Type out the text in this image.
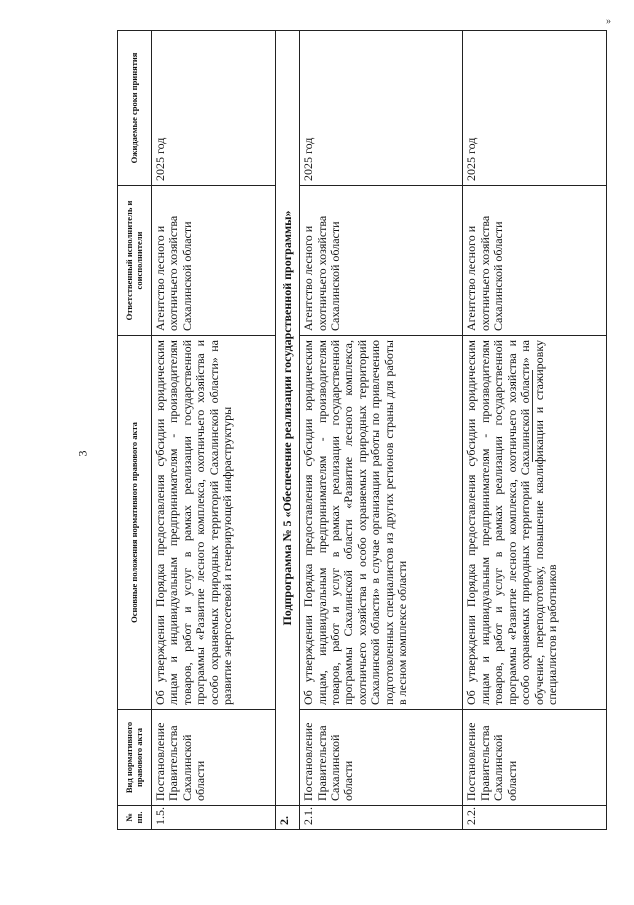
3
»
№ пп.	Вид нормативного правового акта	Основные положения нормативного правового акта	Ответственный исполнитель и соисполнители	Ожидаемые сроки принятия
1.5.	Постановление Правительства Сахалинской области	Об утверждении Порядка предоставления субсидии юридическим лицам и индивидуальным предпринимателям - производителям товаров, работ и услуг в рамках реализации государственной программы «Развитие лесного комплекса, охотничьего хозяйства и особо охраняемых природных территорий Сахалинской области» на развитие энергосетевой и генерирующей инфраструктуры	Агентство лесного и охотничьего хозяйства Сахалинской области	2025 год
2.	Подпрограмма № 5 «Обеспечение реализации государственной программы»			
2.1.	Постановление Правительства Сахалинской области	Об утверждении Порядка предоставления субсидии юридическим лицам, индивидуальным предпринимателям - производителям товаров, работ и услуг в рамках реализации государственной программы Сахалинской области «Развитие лесного комплекса, охотничьего хозяйства и особо охраняемых природных территорий Сахалинской области» в случае организации работы по привлечению подготовленных специалистов из других регионов страны для работы в лесном комплексе области	Агентство лесного и охотничьего хозяйства Сахалинской области	2025 год
2.2.	Постановление Правительства Сахалинской области	Об утверждении Порядка предоставления субсидии юридическим лицам и индивидуальным предпринимателям - производителям товаров, работ и услуг в рамках реализации государственной программы «Развитие лесного комплекса, охотничьего хозяйства и особо охраняемых природных территорий Сахалинской области» на обучение, переподготовку, повышение квалификации и стажировку специалистов и работников	Агентство лесного и охотничьего хозяйства Сахалинской области	2025 год
